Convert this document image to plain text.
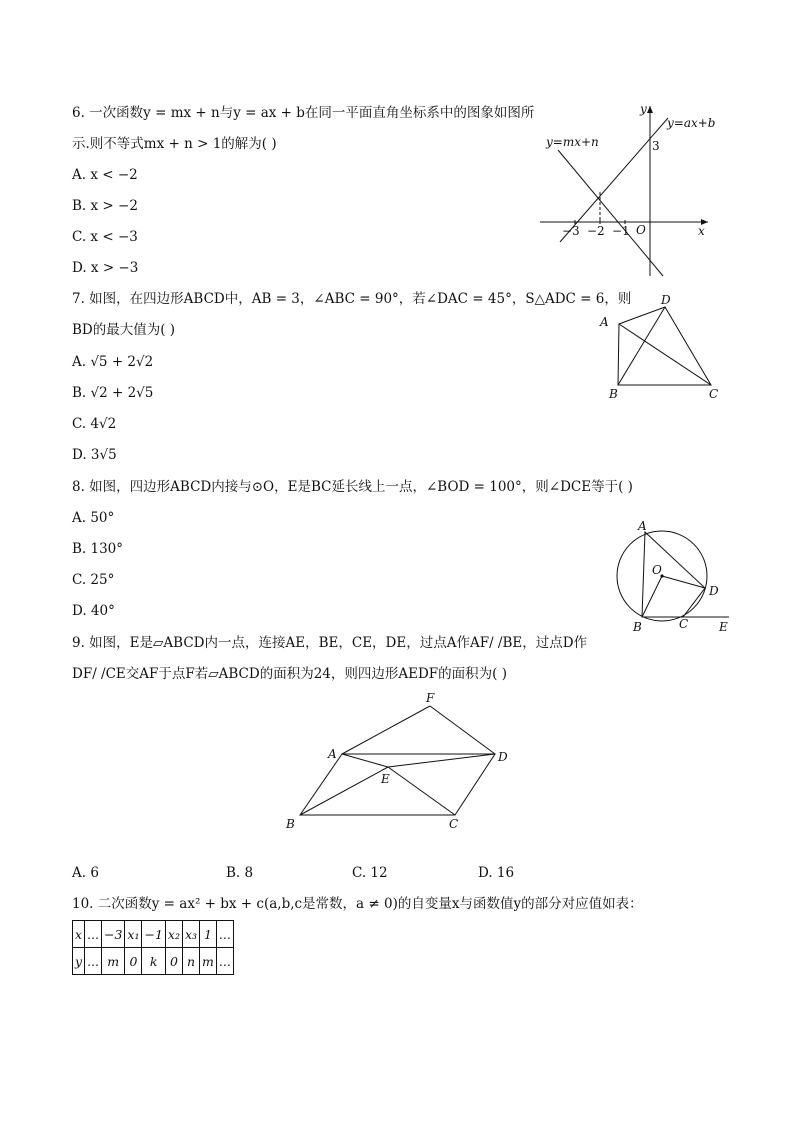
6. 一次函数y = mx + n与y = ax + b在同一平面直角坐标系中的图象如图所
示.则不等式mx + n > 1的解为( )
A. x < −2
B. x > −2
C. x < −3
D. x > −3
y
x
O
y=ax+b
y=mx+n	3
−3 −2 −1
7. 如图，在四边形ABCD中，AB = 3，∠ABC = 90°，若∠DAC = 45°，S△ADC = 6，则
BD的最大值为( )
A. √5 + 2√2
B. √2 + 2√5
C. 4√2
D. 3√5
A
D
B	C
8. 如图，四边形ABCD内接与⊙O，E是BC延长线上一点，∠BOD = 100°，则∠DCE等于( )
A. 50°
B. 130°
C. 25°
D. 40°
A
O
D
B	C	E
9. 如图，E是▱ABCD内一点，连接AE，BE，CE，DE，过点A作AF/ /BE，过点D作
DF/ /CE交AF于点F若▱ABCD的面积为24，则四边形AEDF的面积为( )
F
A	D
E
B	C
A. 6	B. 8	C. 12	D. 16
10. 二次函数y = ax² + bx + c(a,b,c是常数，a ≠ 0)的自变量x与函数值y的部分对应值如表：
x	...	−3	x₁	−1	x₂	x₃	1	...
y	...	m	0	k	0	n	m	...
